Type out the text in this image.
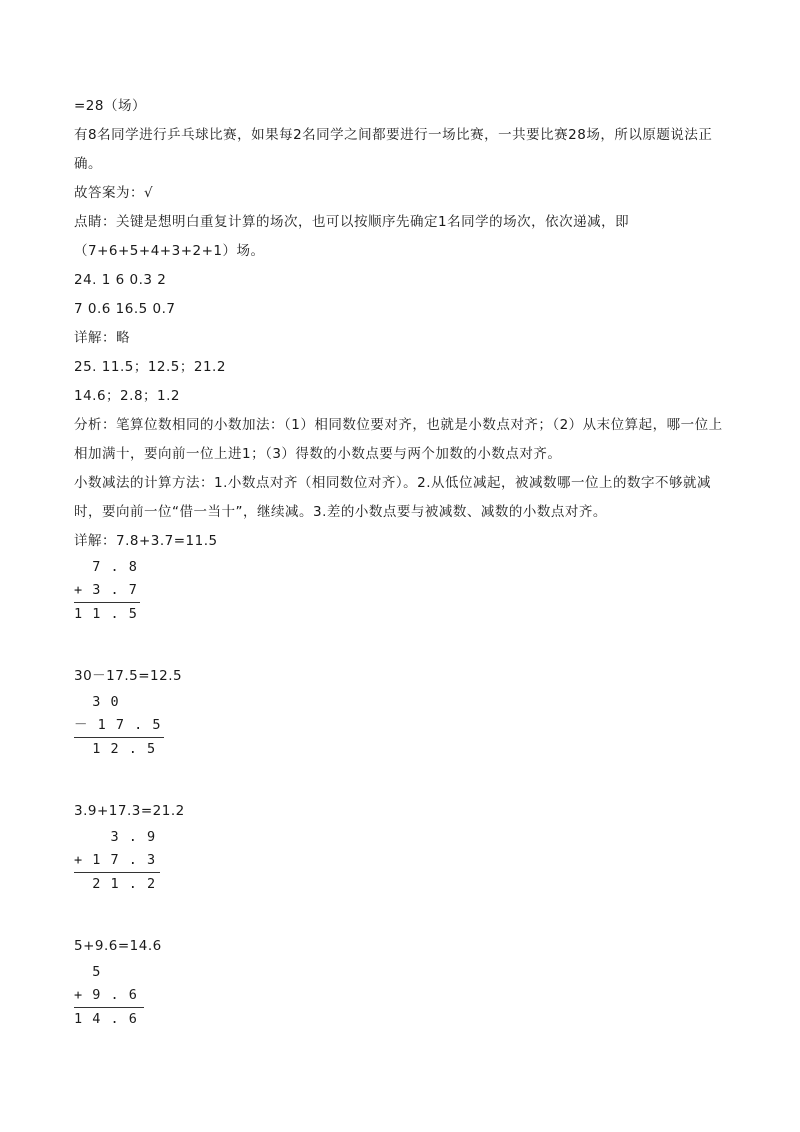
=28（场）
有8名同学进行乒乓球比赛，如果每2名同学之间都要进行一场比赛，一共要比赛28场，所以原题说法正确。
故答案为：√
点睛：关键是想明白重复计算的场次，也可以按顺序先确定1名同学的场次，依次递减，即（7+6+5+4+3+2+1）场。
24. 1 6 0.3 2
7 0.6 16.5 0.7
详解：略
25. 11.5；12.5；21.2
14.6；2.8；1.2
分析：笔算位数相同的小数加法：（1）相同数位要对齐，也就是小数点对齐；（2）从末位算起，哪一位上相加满十，要向前一位上进1；（3）得数的小数点要与两个加数的小数点对齐。
小数减法的计算方法：1.小数点对齐（相同数位对齐）。2.从低位减起，被减数哪一位上的数字不够就减时，要向前一位“借一当十”，继续减。3.差的小数点要与被减数、减数的小数点对齐。
详解：7.8+3.7=11.5
7 . 8
+ 3 . 7
1 1 . 5
30－17.5=12.5
3 0
－ 1 7 . 5
1 2 . 5
3.9+17.3=21.2
3 . 9
+ 1 7 . 3
2 1 . 2
5+9.6=14.6
5
+ 9 . 6
1 4 . 6
